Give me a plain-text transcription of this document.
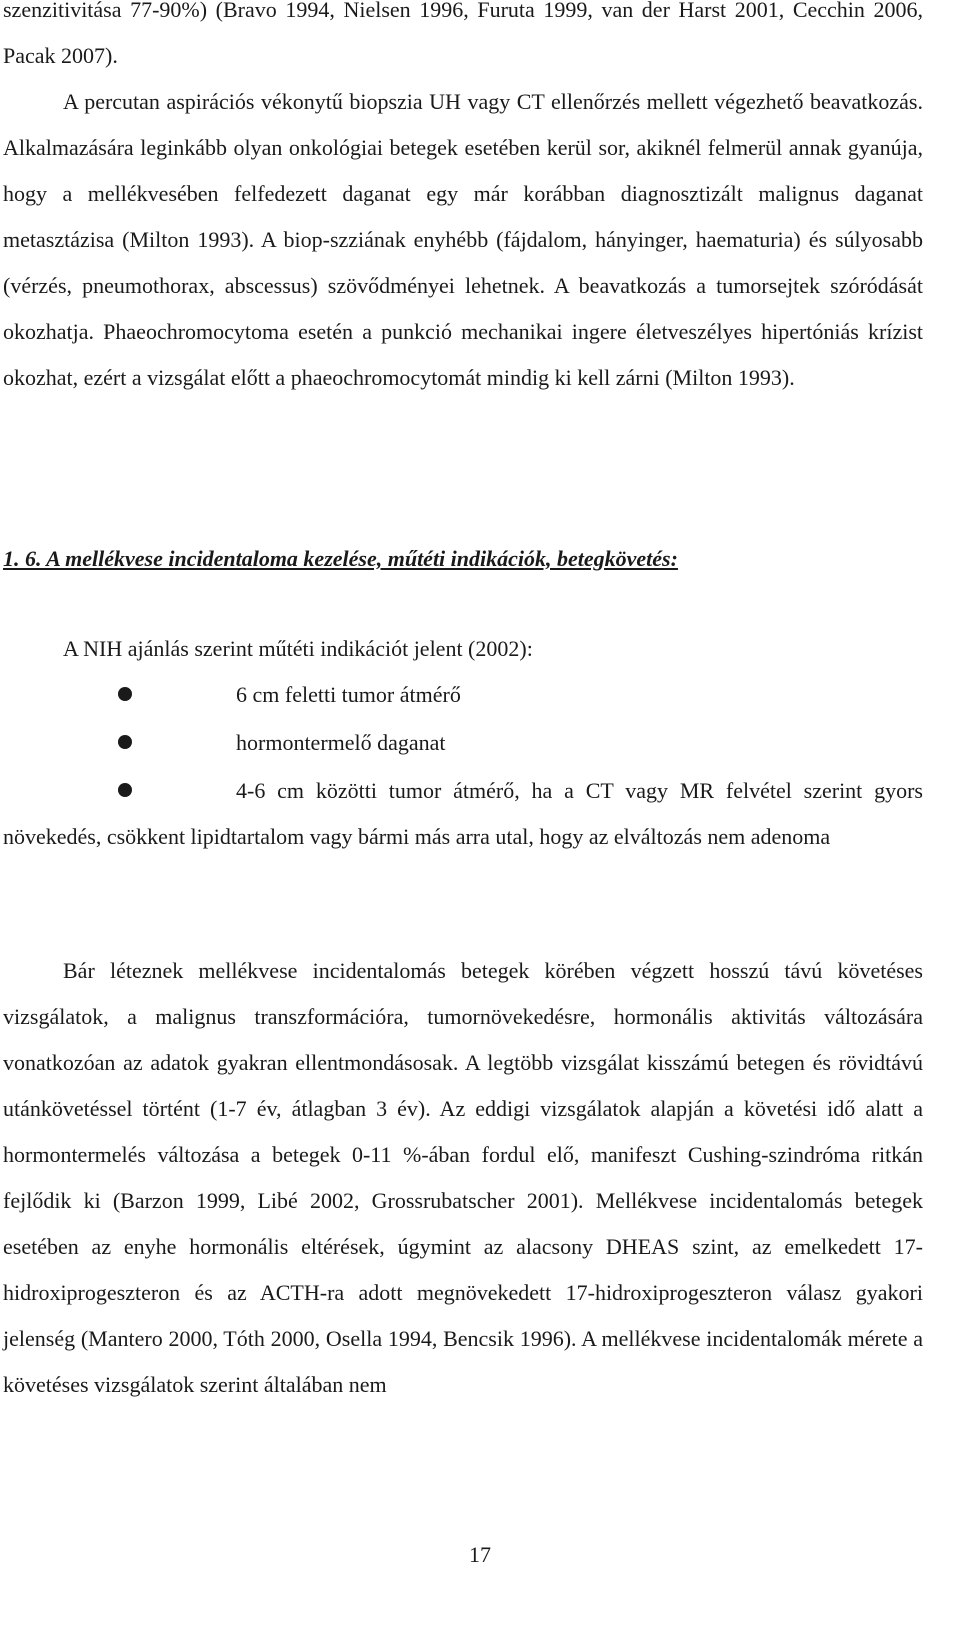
szenzitivitása 77-90%) (Bravo 1994, Nielsen 1996, Furuta 1999, van der Harst 2001, Cecchin 2006, Pacak 2007).
A percutan aspirációs vékonytű biopszia UH vagy CT ellenőrzés mellett végezhető beavatkozás. Alkalmazására leginkább olyan onkológiai betegek esetében kerül sor, akiknél felmerül annak gyanúja, hogy a mellékvesében felfedezett daganat egy már korábban diagnosztizált malignus daganat metasztázisa (Milton 1993). A biop-szziának enyhébb (fájdalom, hányinger, haematuria) és súlyosabb (vérzés, pneumothorax, abscessus) szövődményei lehetnek. A beavatkozás a tumorsejtek szóródását okozhatja. Phaeochromocytoma esetén a punkció mechanikai ingere életveszélyes hipertóniás krízist okozhat, ezért a vizsgálat előtt a phaeochromocytomát mindig ki kell zárni (Milton 1993).

1. 6. A mellékvese incidentaloma kezelése, műtéti indikációk, betegkövetés:

A NIH ajánlás szerint műtéti indikációt jelent (2002):

6 cm feletti tumor átmérő
hormontermelő daganat

4-6 cm közötti tumor átmérő, ha a CT vagy MR felvétel szerint gyors növekedés, csökkent lipidtartalom vagy bármi más arra utal, hogy az elváltozás nem adenoma

Bár léteznek mellékvese incidentalomás betegek körében végzett hosszú távú követéses vizsgálatok, a malignus transzformációra, tumornövekedésre, hormonális aktivitás változására vonatkozóan az adatok gyakran ellentmondásosak. A legtöbb vizsgálat kisszámú betegen és rövidtávú utánkövetéssel történt (1-7 év, átlagban 3 év). Az eddigi vizsgálatok alapján a követési idő alatt a hormontermelés változása a betegek 0-11 %-ában fordul elő, manifeszt Cushing-szindróma ritkán fejlődik ki (Barzon 1999, Libé 2002, Grossrubatscher 2001). Mellékvese incidentalomás betegek esetében az enyhe hormonális eltérések, úgymint az alacsony DHEAS szint, az emelkedett 17-hidroxiprogeszteron és az ACTH-ra adott megnövekedett 17-hidroxiprogeszteron válasz gyakori jelenség (Mantero 2000, Tóth 2000, Osella 1994, Bencsik 1996). A mellékvese incidentalomák mérete a követéses vizsgálatok szerint általában nem

17
